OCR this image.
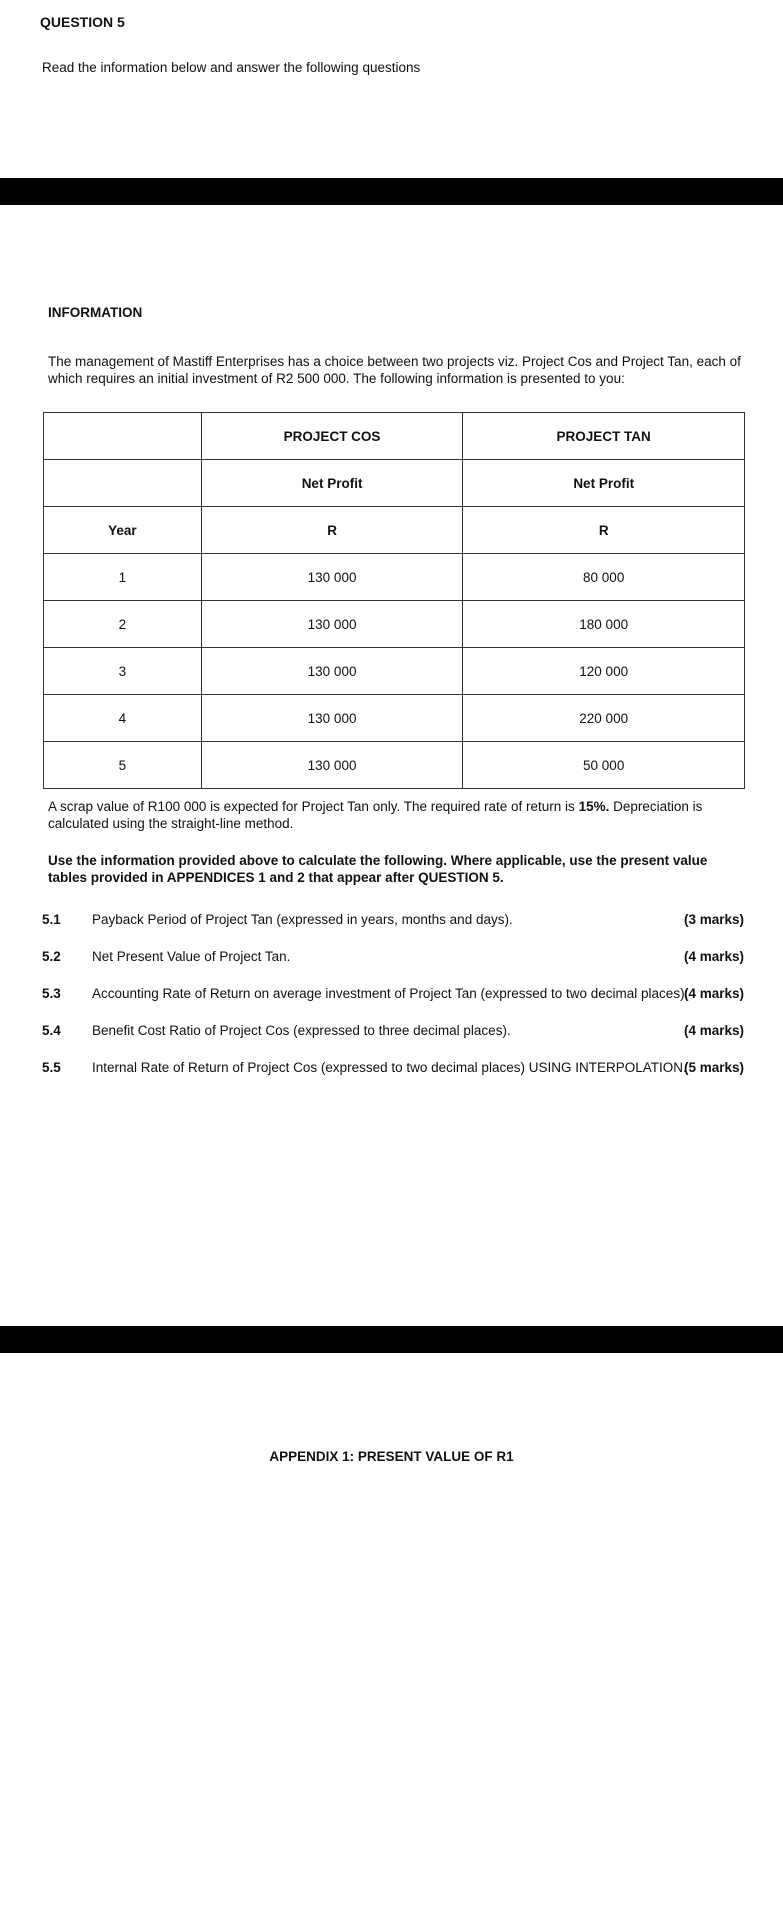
QUESTION 5
Read the information below and answer the following questions
INFORMATION
The management of Mastiff Enterprises has a choice between two projects viz. Project Cos and Project Tan, each of which requires an initial investment of R2 500 000. The following information is presented to you:
	PROJECT COS	PROJECT TAN
	Net Profit	Net Profit
Year	R	R
1	130 000	80 000
2	130 000	180 000
3	130 000	120 000
4	130 000	220 000
5	130 000	50 000
A scrap value of R100 000 is expected for Project Tan only. The required rate of return is 15%. Depreciation is calculated using the straight-line method.
Use the information provided above to calculate the following. Where applicable, use the present value tables provided in APPENDICES 1 and 2 that appear after QUESTION 5.
5.1 Payback Period of Project Tan (expressed in years, months and days).	(3 marks)
5.2 Net Present Value of Project Tan.	(4 marks)
5.3 Accounting Rate of Return on average investment of Project Tan (expressed to two decimal places).
(4 marks)
5.4 Benefit Cost Ratio of Project Cos (expressed to three decimal places).	(4 marks)
5.5 Internal Rate of Return of Project Cos (expressed to two decimal places) USING INTERPOLATION.
(5 marks)
APPENDIX 1: PRESENT VALUE OF R1
